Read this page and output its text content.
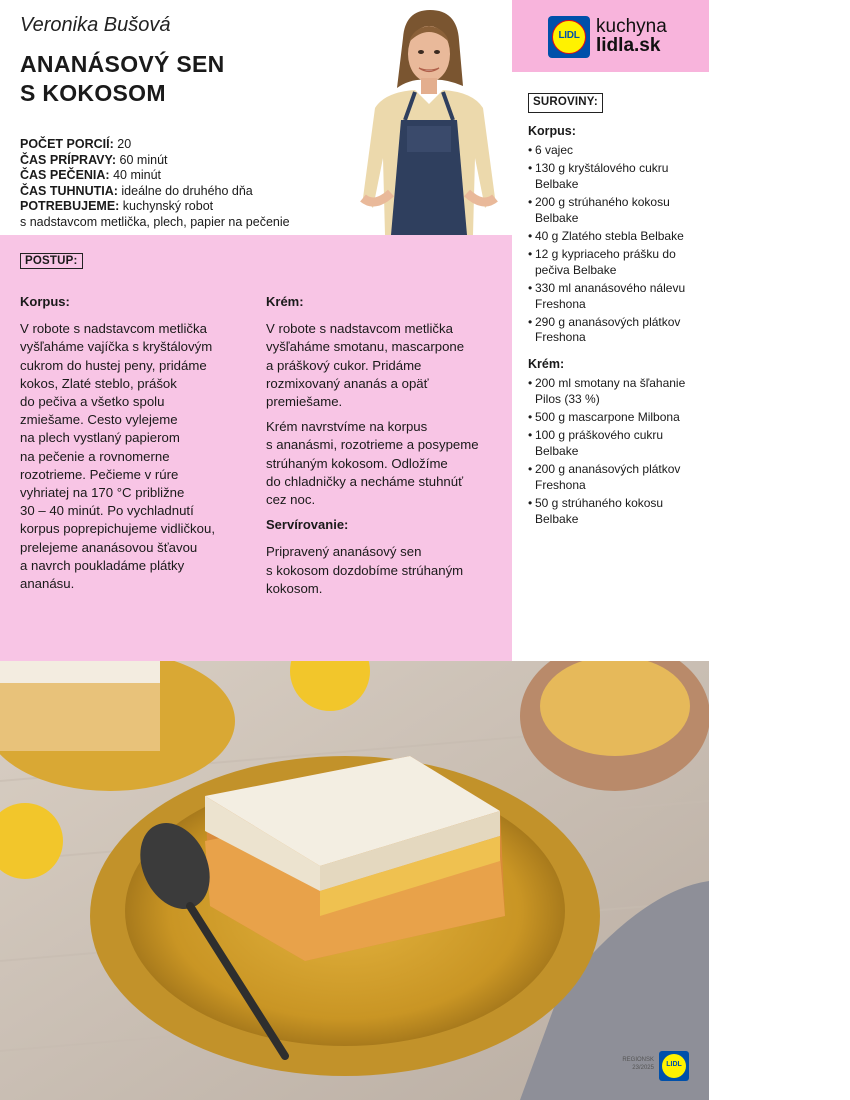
Veronika Bušová
ANANÁSOVÝ SEN
S KOKOSOM
POČET PORCIÍ: 20
ČAS PRÍPRAVY: 60 minút
ČAS PEČENIA: 40 minút
ČAS TUHNUTIA: ideálne do druhého dňa
POTREBUJEME: kuchynský robot
s nadstavcom metlička, plech, papier na pečenie
LIDL kuchyna
lidla.sk
SUROVINY:
Korpus:
• 6 vajec
• 130 g kryštálového cukru Belbake
• 200 g strúhaného kokosu Belbake
• 40 g Zlatého stebla Belbake
• 12 g kypriaceho prášku do pečiva Belbake
• 330 ml ananásového nálevu Freshona
• 290 g ananásových plátkov Freshona
Krém:
• 200 ml smotany na šľahanie Pilos (33 %)
• 500 g mascarpone Milbona
• 100 g práškového cukru Belbake
• 200 g ananásových plátkov Freshona
• 50 g strúhaného kokosu Belbake
POSTUP:
Korpus:

V robote s nadstavcom metlička
vyšľaháme vajíčka s kryštálovým
cukrom do hustej peny, pridáme
kokos, Zlaté steblo, prášok
do pečiva a všetko spolu
zmiešame. Cesto vylejeme
na plech vystlaný papierom
na pečenie a rovnomerne
rozotrieme. Pečieme v rúre
vyhriatej na 170 °C približne
30 – 40 minút. Po vychladnutí
korpus poprepichujeme vidličkou,
prelejeme ananásovou šťavou
a navrch poukladáme plátky
ananásu.

Krém:

V robote s nadstavcom metlička
vyšľaháme smotanu, mascarpone
a práškový cukor. Pridáme
rozmixovaný ananás a opäť
premiešame.

Krém navrstvíme na korpus
s ananásmi, rozotrieme a posypeme
strúhaným kokosom. Odložíme
do chladničky a necháme stuhnúť
cez noc.

Servírovanie:

Pripravený ananásový sen
s kokosom dozdobíme strúhaným
kokosom.

REGIONSK
23/2025	LIDL
